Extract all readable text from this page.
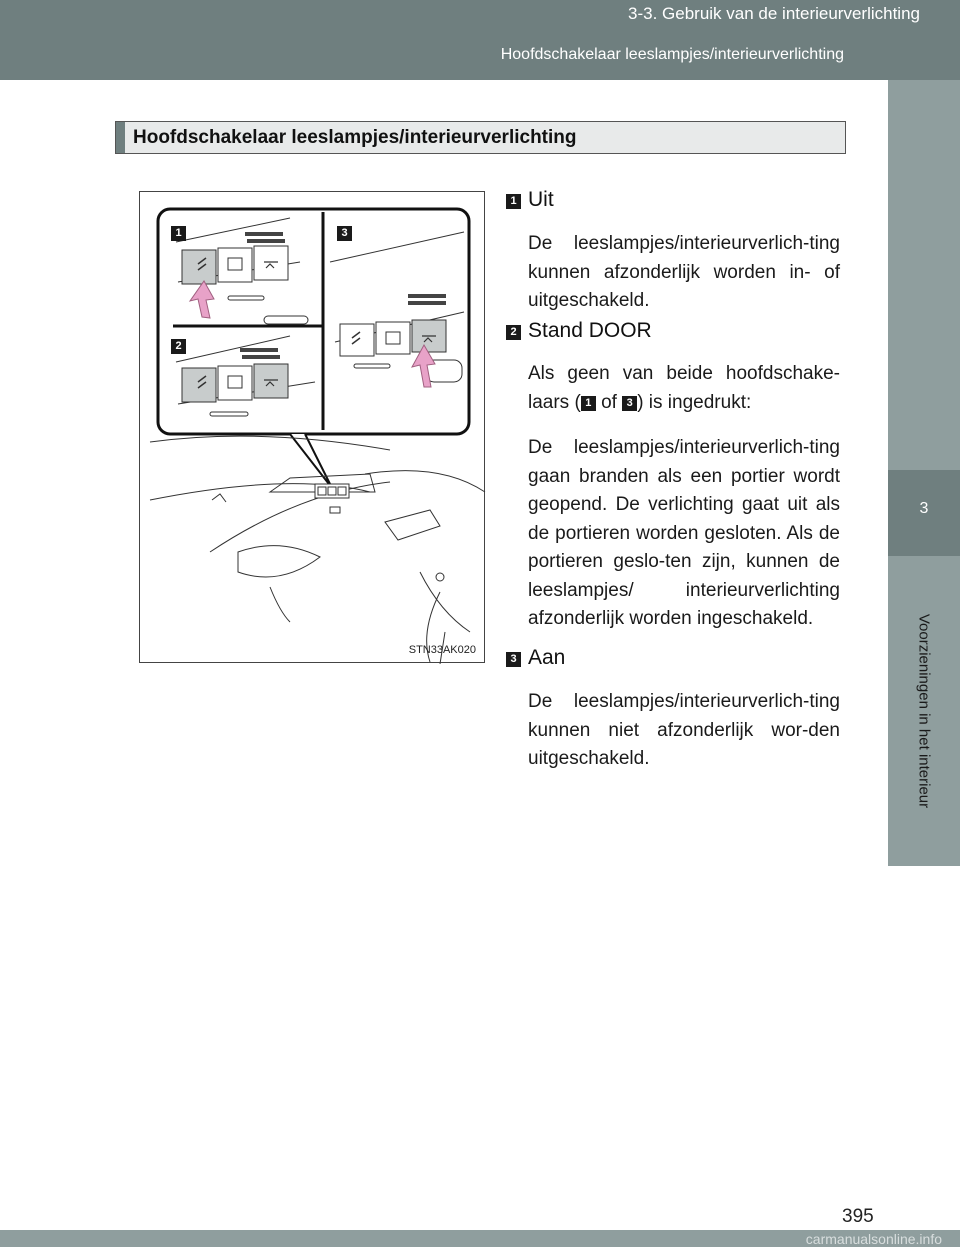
3-3. Gebruik van de interieurverlichting
Hoofdschakelaar leeslampjes/interieurverlichting
3
Voorzieningen in het interieur
Hoofdschakelaar leeslampjes/interieurverlichting
1	3
2
STN33AK020
1 Uit
De leeslampjes/interieurverlich-ting kunnen afzonderlijk worden in- of uitgeschakeld.
2 Stand DOOR
Als geen van beide hoofdschake-laars ( 1 of 3 ) is ingedrukt:
De leeslampjes/interieurverlich-ting gaan branden als een portier wordt geopend. De verlichting gaat uit als de portieren worden gesloten. Als de portieren geslo-ten zijn, kunnen de leeslampjes/ interieurverlichting afzonderlijk worden ingeschakeld.
3 Aan
De leeslampjes/interieurverlich-ting kunnen niet afzonderlijk wor-den uitgeschakeld.
395
carmanualsonline.info
